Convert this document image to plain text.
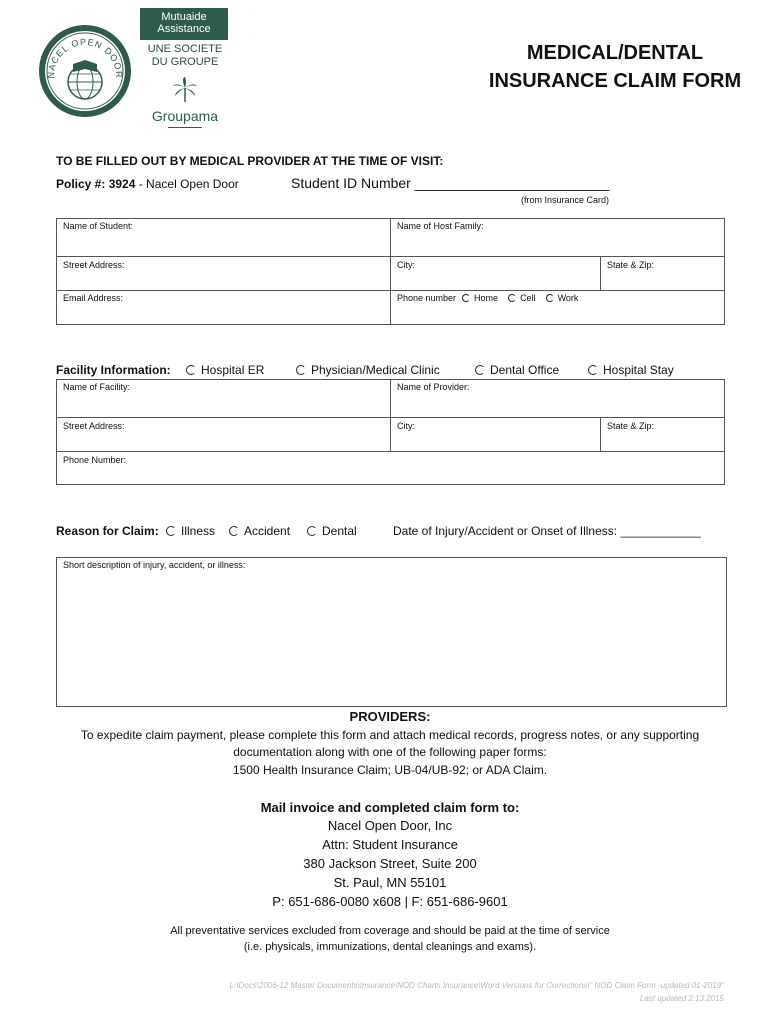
NACEL OPEN DOOR
Mutuaide
Assistance
UNE SOCIETE
DU GROUPE
Groupama
MEDICAL/DENTAL
INSURANCE CLAIM FORM
TO BE FILLED OUT BY MEDICAL PROVIDER AT THE TIME OF VISIT:
Policy #: 3924 - Nacel Open Door	Student ID Number _________________________
(from Insurance Card)
Name of Student:	Name of Host Family:
Street Address:	City:	State & Zip:
Email Address:	Phone number Home Cell Work
Facility Information:	Hospital ER	Physician/Medical Clinic	Dental Office	Hospital Stay
Name of Facility:	Name of Provider:
Street Address:	City:	State & Zip:
Phone Number:
Reason for Claim:	Illness	Accident	Dental	Date of Injury/Accident or Onset of Illness: ____________
Short description of injury, accident, or illness:
PROVIDERS:
To expedite claim payment, please complete this form and attach medical records, progress notes, or any supporting
documentation along with one of the following paper forms:
1500 Health Insurance Claim; UB-04/UB-92; or ADA Claim.
Mail invoice and completed claim form to:
Nacel Open Door, Inc
Attn: Student Insurance
380 Jackson Street, Suite 200
St. Paul, MN 55101
P: 651-686-0080 x608 | F: 651-686-9601
All preventative services excluded from coverage and should be paid at the time of service
(i.e. physicals, immunizations, dental cleanings and exams).
L:\Docs\2006-12 Master Documents\Insurance\NOD Charts Insurance\Word Versions for Corrections\" NOD Claim Form -updated 01-2019"
Last updated 2.13.2015
